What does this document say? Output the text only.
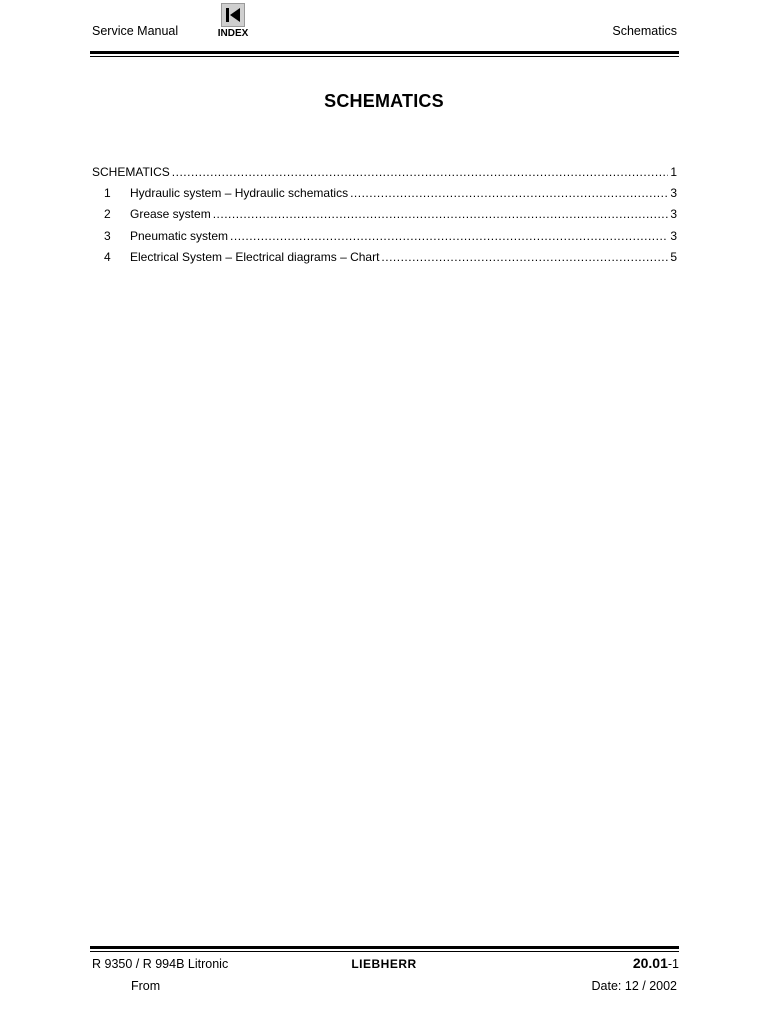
Service Manual	INDEX	Schematics
SCHEMATICS
SCHEMATICS .....	1
1	Hydraulic system – Hydraulic schematics .....	3
2	Grease system .....	3
3	Pneumatic system .....	3
4	Electrical System – Electrical diagrams – Chart .....	5
R 9350 / R 994B Litronic	LIEBHERR	20.01-1
From	Date: 12 / 2002
